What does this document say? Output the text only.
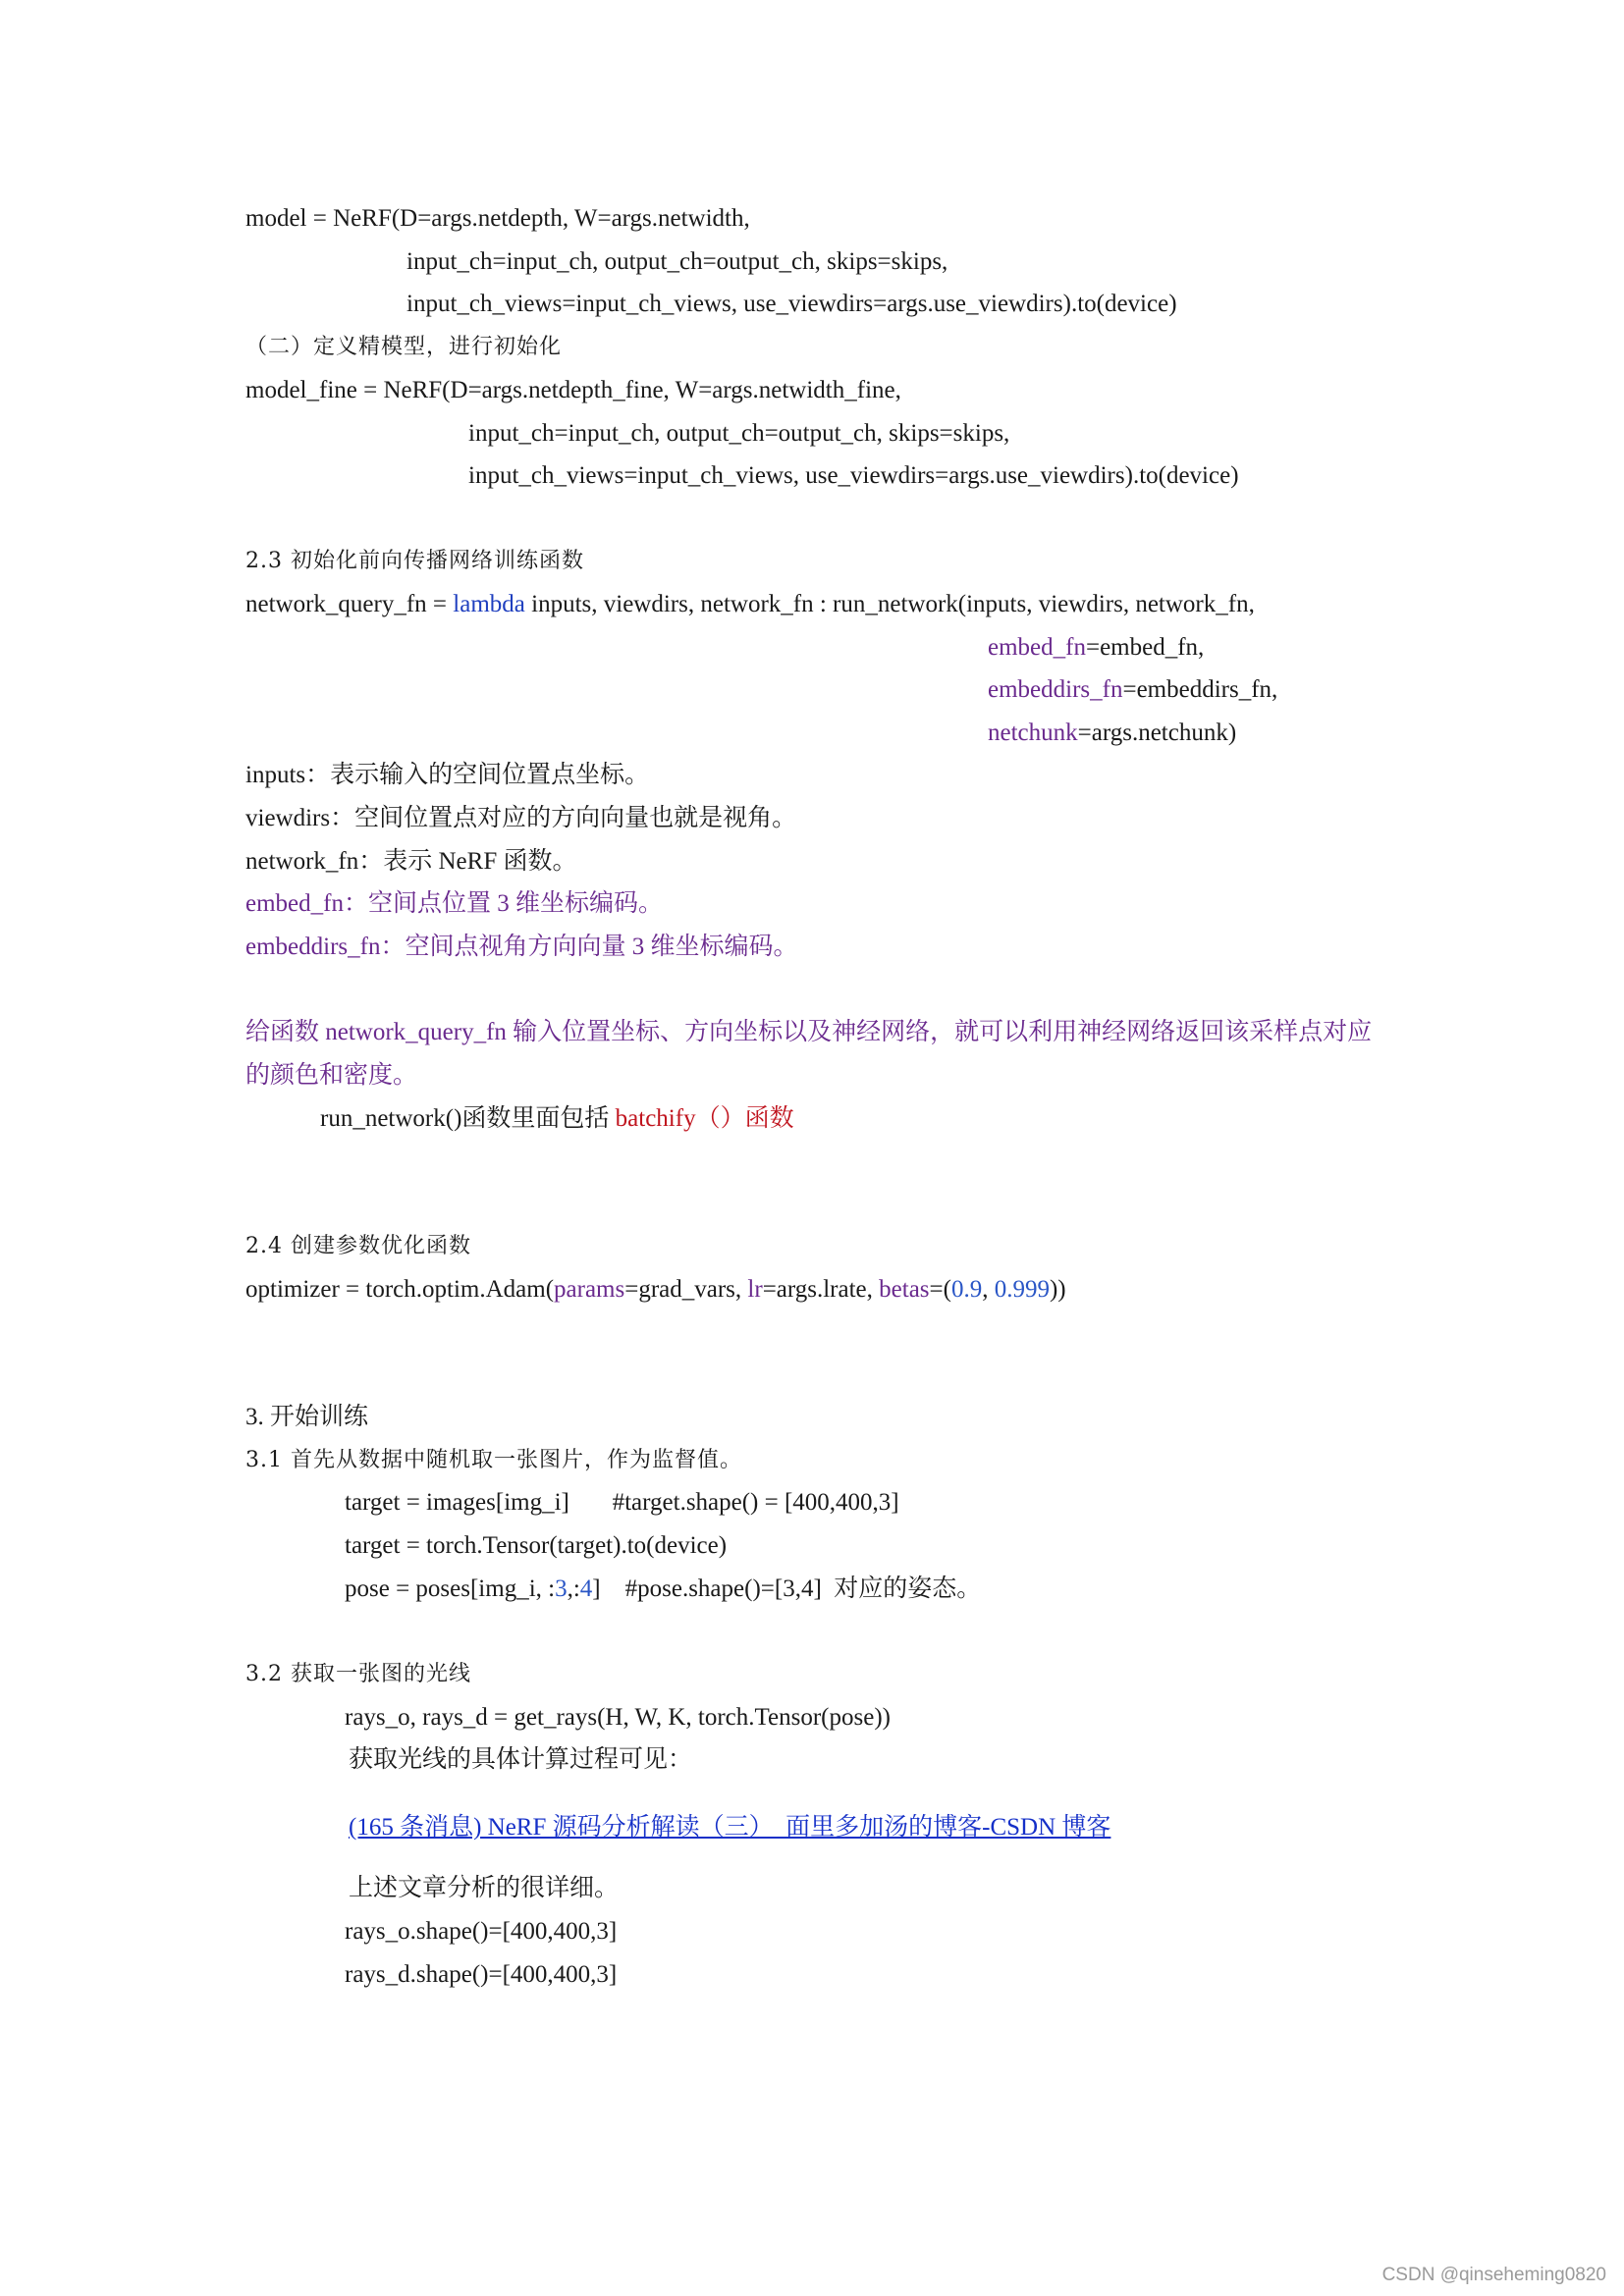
model = NeRF(D=args.netdepth, W=args.netwidth,

input_ch=input_ch, output_ch=output_ch, skips=skips,

input_ch_views=input_ch_views, use_viewdirs=args.use_viewdirs).to(device)

（二）定义精模型，进行初始化

model_fine = NeRF(D=args.netdepth_fine, W=args.netwidth_fine,

input_ch=input_ch, output_ch=output_ch, skips=skips,

input_ch_views=input_ch_views, use_viewdirs=args.use_viewdirs).to(device)

2.3 初始化前向传播网络训练函数

network_query_fn = lambda inputs, viewdirs, network_fn : run_network(inputs, viewdirs, network_fn,

embed_fn=embed_fn,

embeddirs_fn=embeddirs_fn,

netchunk=args.netchunk)

inputs：表示输入的空间位置点坐标。

viewdirs：空间位置点对应的方向向量也就是视角。

network_fn：表示 NeRF 函数。

embed_fn：空间点位置 3 维坐标编码。

embeddirs_fn：空间点视角方向向量 3 维坐标编码。

给函数 network_query_fn 输入位置坐标、方向坐标以及神经网络，就可以利用神经网络返回该采样点对应

的颜色和密度。

run_network()函数里面包括 batchify（）函数

2.4 创建参数优化函数

optimizer = torch.optim.Adam(params=grad_vars, lr=args.lrate, betas=(0.9, 0.999))

3. 开始训练

3.1 首先从数据中随机取一张图片，作为监督值。

target = images[img_i]       #target.shape() = [400,400,3]

target = torch.Tensor(target).to(device)

pose = poses[img_i, :3,:4]    #pose.shape()=[3,4]  对应的姿态。

3.2 获取一张图的光线

rays_o, rays_d = get_rays(H, W, K, torch.Tensor(pose))

获取光线的具体计算过程可见：

(165 条消息) NeRF 源码分析解读（三）_面里多加汤的博客-CSDN 博客

上述文章分析的很详细。

rays_o.shape()=[400,400,3]

rays_d.shape()=[400,400,3]

CSDN @qinseheming0820
